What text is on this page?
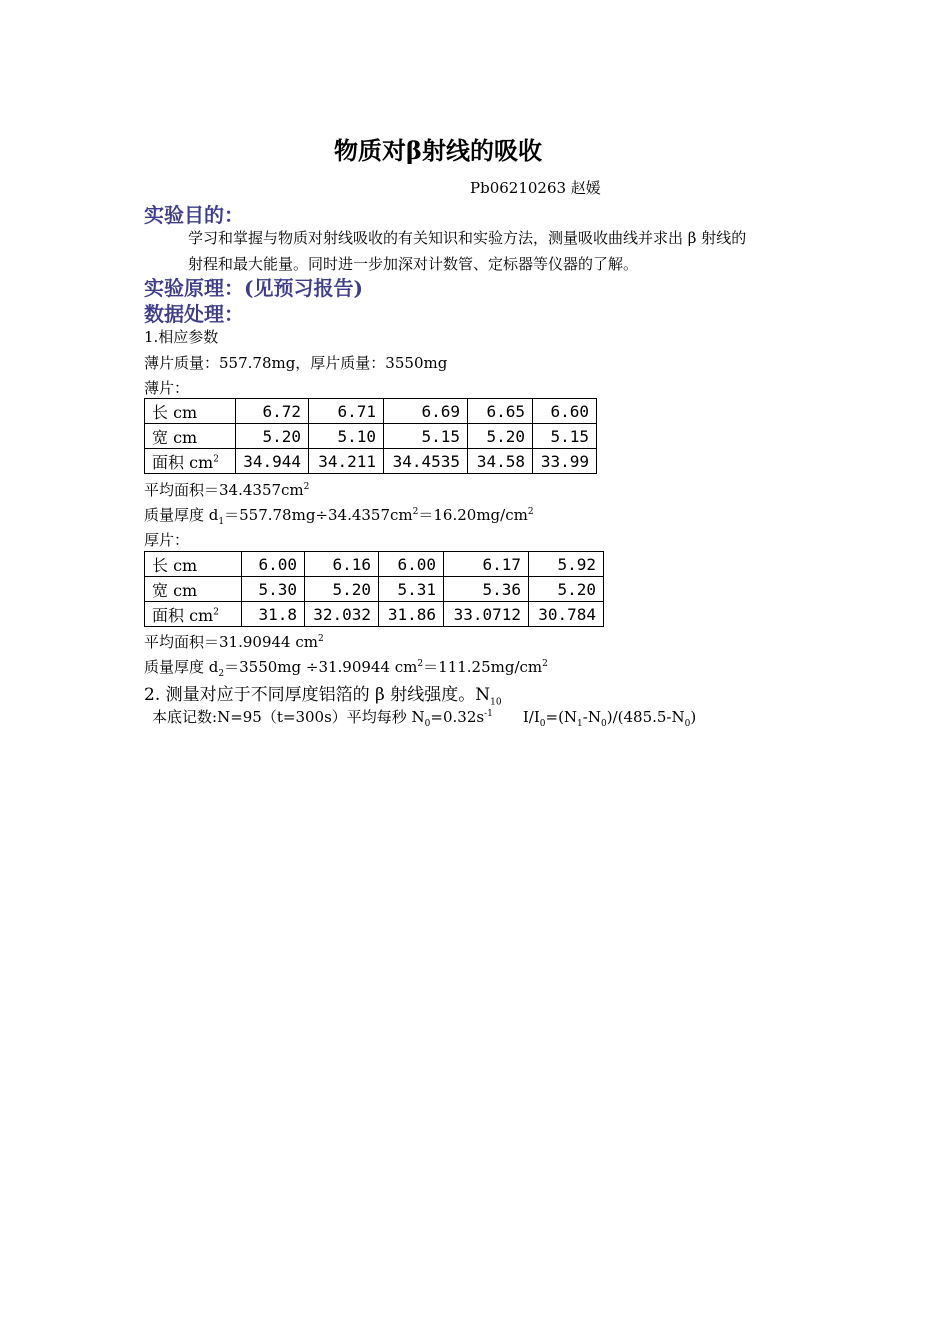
物质对β射线的吸收
Pb06210263 赵媛
实验目的：
学习和掌握与物质对射线吸收的有关知识和实验方法，测量吸收曲线并求出 β 射线的
射程和最大能量。同时进一步加深对计数管、定标器等仪器的了解。
实验原理：(见预习报告)
数据处理：
1.相应参数
薄片质量：557.78mg，厚片质量：3550mg
薄片：
长 cm	6.72	6.71	6.69	6.65	6.60
宽 cm	5.20	5.10	5.15	5.20	5.15
面积 $cm^2$	34.944	34.211	34.4535	34.58	33.99
平均面积$=34.4357cm^2$
质量厚度 $d_1=557.78mg\div 34.4357cm^2=16.20mg/cm^2$
厚片：
长 cm	6.00	6.16	6.00	6.17	5.92
宽 cm	5.30	5.20	5.31	5.36	5.20
面积 $cm^2$	31.8	32.032	31.86	33.0712	30.784
平均面积＝31.90944 $cm^2$
质量厚度 $d_2=3550mg \div 31.90944$ $cm^2=111.25mg/cm^2$
2. 测量对应于不同厚度铝箔的 β 射线强度。$N_{10}$
本底记数:N=95（t=300s）平均每秒 $N_0=0.32s^{-1}$ $I/I_0=(N_1-N_0)/(485.5-N_0)$
